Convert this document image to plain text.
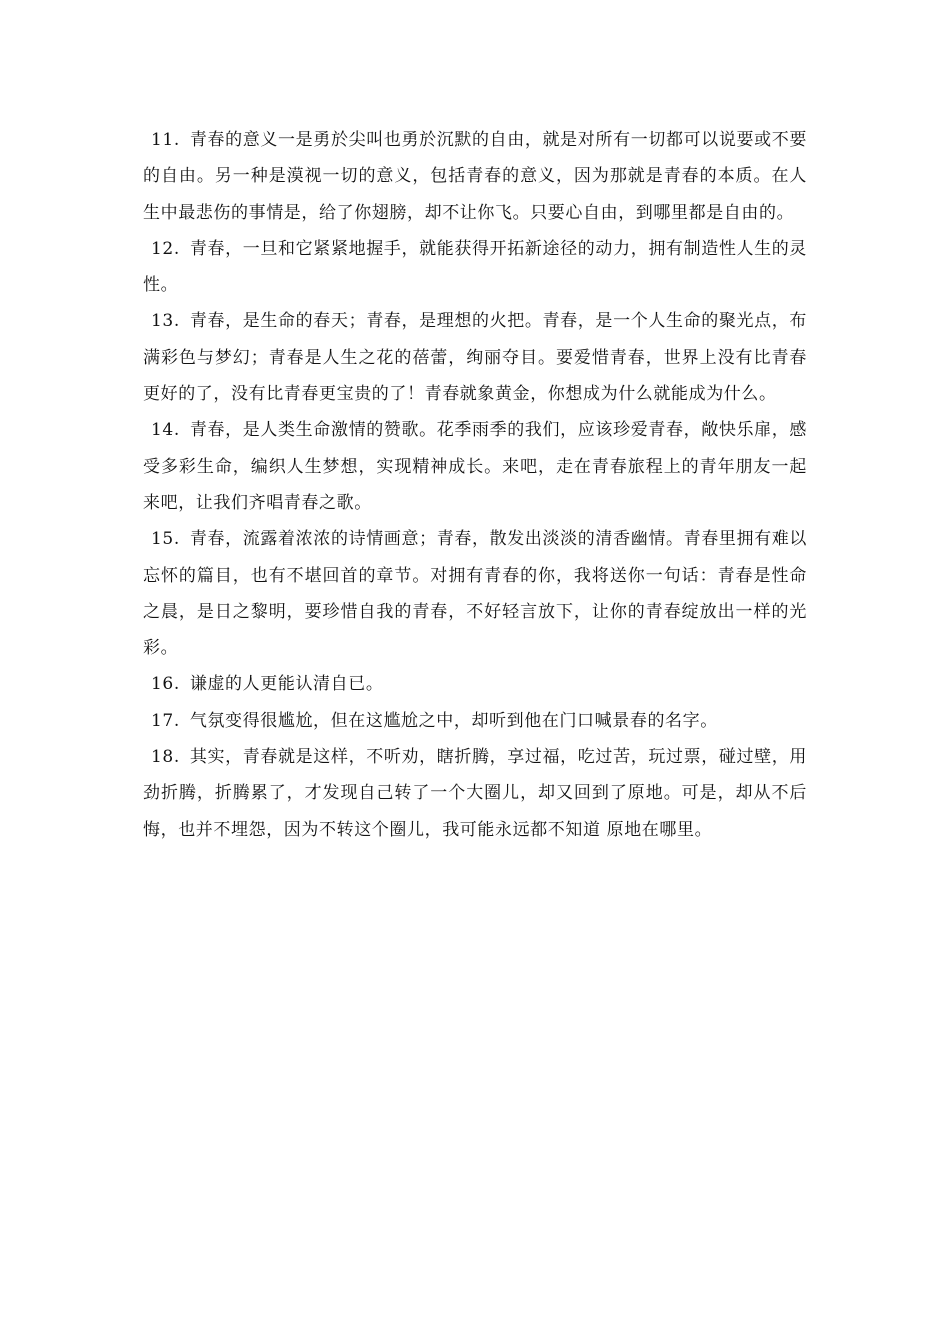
11. 青春的意义一是勇於尖叫也勇於沉默的自由，就是对所有一切都可以说要或不要的自由。另一种是漠视一切的意义，包括青春的意义，因为那就是青春的本质。在人生中最悲伤的事情是，给了你翅膀，却不让你飞。只要心自由，到哪里都是自由的。

12. 青春，一旦和它紧紧地握手，就能获得开拓新途径的动力，拥有制造性人生的灵性。

13. 青春，是生命的春天；青春，是理想的火把。青春，是一个人生命的聚光点，布满彩色与梦幻；青春是人生之花的蓓蕾，绚丽夺目。要爱惜青春，世界上没有比青春更好的了，没有比青春更宝贵的了！青春就象黄金，你想成为什么就能成为什么。

14. 青春，是人类生命激情的赞歌。花季雨季的我们，应该珍爱青春，敞快乐扉，感受多彩生命，编织人生梦想，实现精神成长。来吧，走在青春旅程上的青年朋友一起来吧，让我们齐唱青春之歌。

15. 青春，流露着浓浓的诗情画意；青春，散发出淡淡的清香幽情。青春里拥有难以忘怀的篇目，也有不堪回首的章节。对拥有青春的你，我将送你一句话：青春是性命之晨，是日之黎明，要珍惜自我的青春，不好轻言放下，让你的青春绽放出一样的光彩。

16. 谦虚的人更能认清自已。

17. 气氛变得很尴尬，但在这尴尬之中，却听到他在门口喊景春的名字。

18. 其实，青春就是这样，不听劝，瞎折腾，享过福，吃过苦，玩过票，碰过壁，用劲折腾，折腾累了，才发现自己转了一个大圈儿，却又回到了原地。可是，却从不后悔，也并不埋怨，因为不转这个圈儿，我可能永远都不知道 原地在哪里。
